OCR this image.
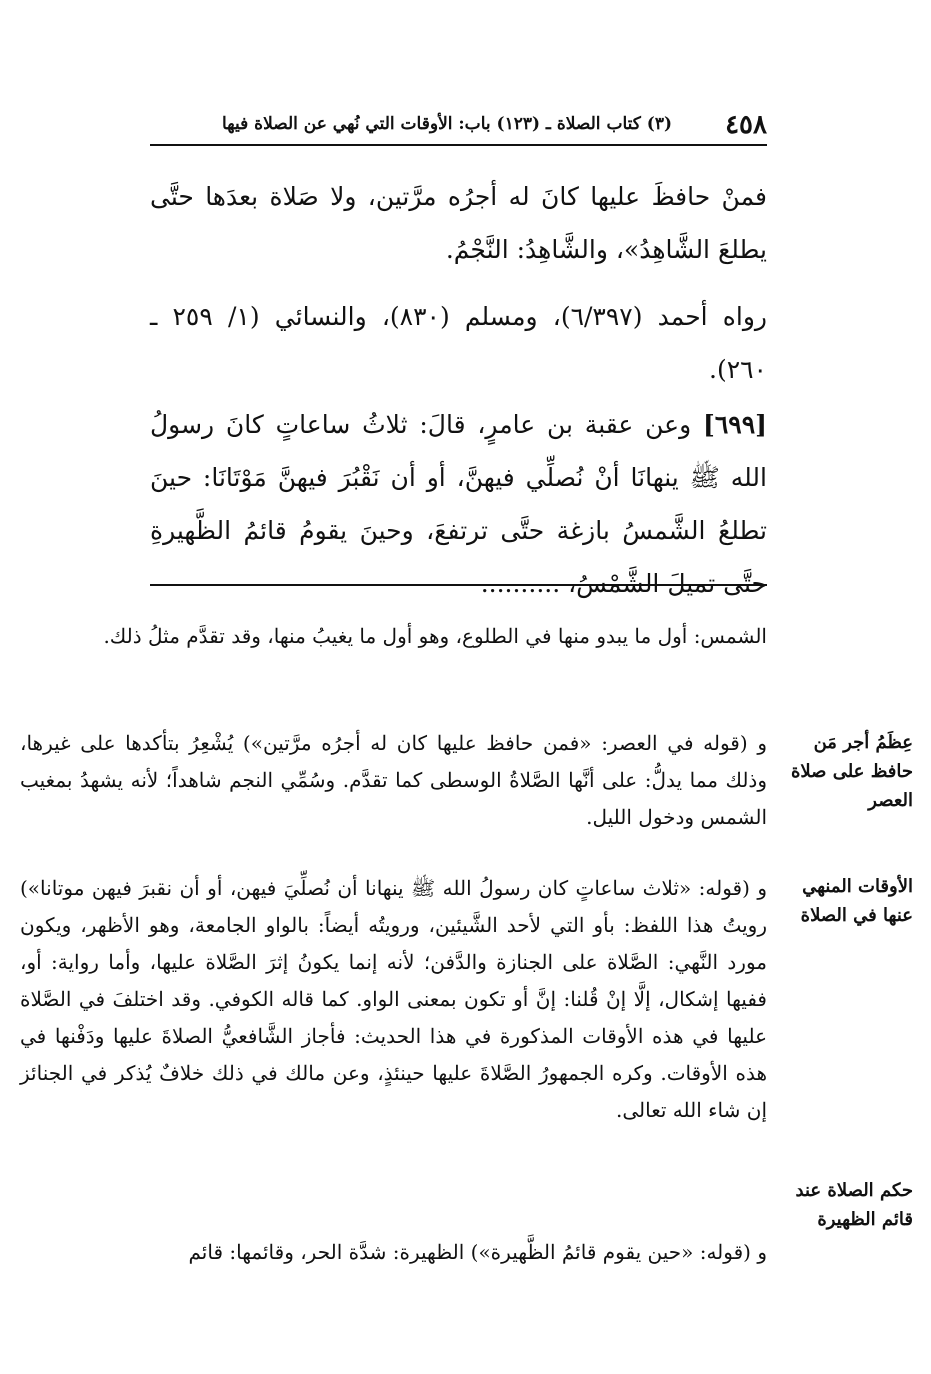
٤٥٨
(٣) كتاب الصلاة ـ (١٢٣) باب: الأوقات التي نُهي عن الصلاة فيها
فمنْ حافظَ عليها كانَ له أجرُه مرَّتين، ولا صَلاة بعدَها حتَّى يطلعَ الشَّاهِدُ»، والشَّاهِدُ: النَّجْمُ.
رواه أحمد (٦/٣٩٧)، ومسلم (٨٣٠)، والنسائي (١/ ٢٥٩ ـ ٢٦٠).
[٦٩٩] وعن عقبة بن عامرٍ، قالَ: ثلاثُ ساعاتٍ كانَ رسولُ الله ﷺ ينهانَا أنْ نُصلِّي فيهنَّ، أو أن نَقْبُرَ فيهنَّ مَوْتَانَا: حينَ تطلعُ الشَّمسُ بازغة حتَّى ترتفعَ، وحينَ يقومُ قائمُ الظَّهيرةِ حتَّى تميلَ الشَّمْسُ، ..........

الشمس: أول ما يبدو منها في الطلوع، وهو أول ما يغيبُ منها، وقد تقدَّم مثلُ ذلك.

و (قوله في العصر: «فمن حافظ عليها كان له أجرُه مرَّتين») يُشْعِرُ بتأكدها على غيرها، وذلك مما يدلُّ: على أنَّها الصَّلاةُ الوسطى كما تقدَّم. وسُمِّي النجم شاهداً؛ لأنه يشهدُ بمغيب الشمس ودخول الليل.

و (قوله: «ثلاث ساعاتٍ كان رسولُ الله ﷺ ينهانا أن نُصلِّيَ فيهن، أو أن نقبرَ فيهن موتانا») رويتُ هذا اللفظ: بأو التي لأحد الشَّيئين، ورويتُه أيضاً: بالواو الجامعة، وهو الأظهر، ويكون مورد النَّهي: الصَّلاة على الجنازة والدَّفن؛ لأنه إنما يكونُ إثرَ الصَّلاة عليها، وأما رواية: أو، ففيها إشكال، إلَّا إنْ قُلنا: إنَّ أو تكون بمعنى الواو. كما قاله الكوفي. وقد اختلفَ في الصَّلاة عليها في هذه الأوقات المذكورة في هذا الحديث: فأجاز الشَّافعيُّ الصلاةَ عليها ودَفْنها في هذه الأوقات. وكره الجمهورُ الصَّلاةَ عليها حينئذٍ، وعن مالك في ذلك خلافٌ يُذكر في الجنائز إن شاء الله تعالى.

و (قوله: «حين يقوم قائمُ الظَّهيرة») الظهيرة: شدَّة الحر، وقائمها: قائم

عِظَمُ أجر مَن حافظ على صلاة العصر
الأوقات المنهي عنها في الصلاة
حكم الصلاة عند قائم الظهيرة
